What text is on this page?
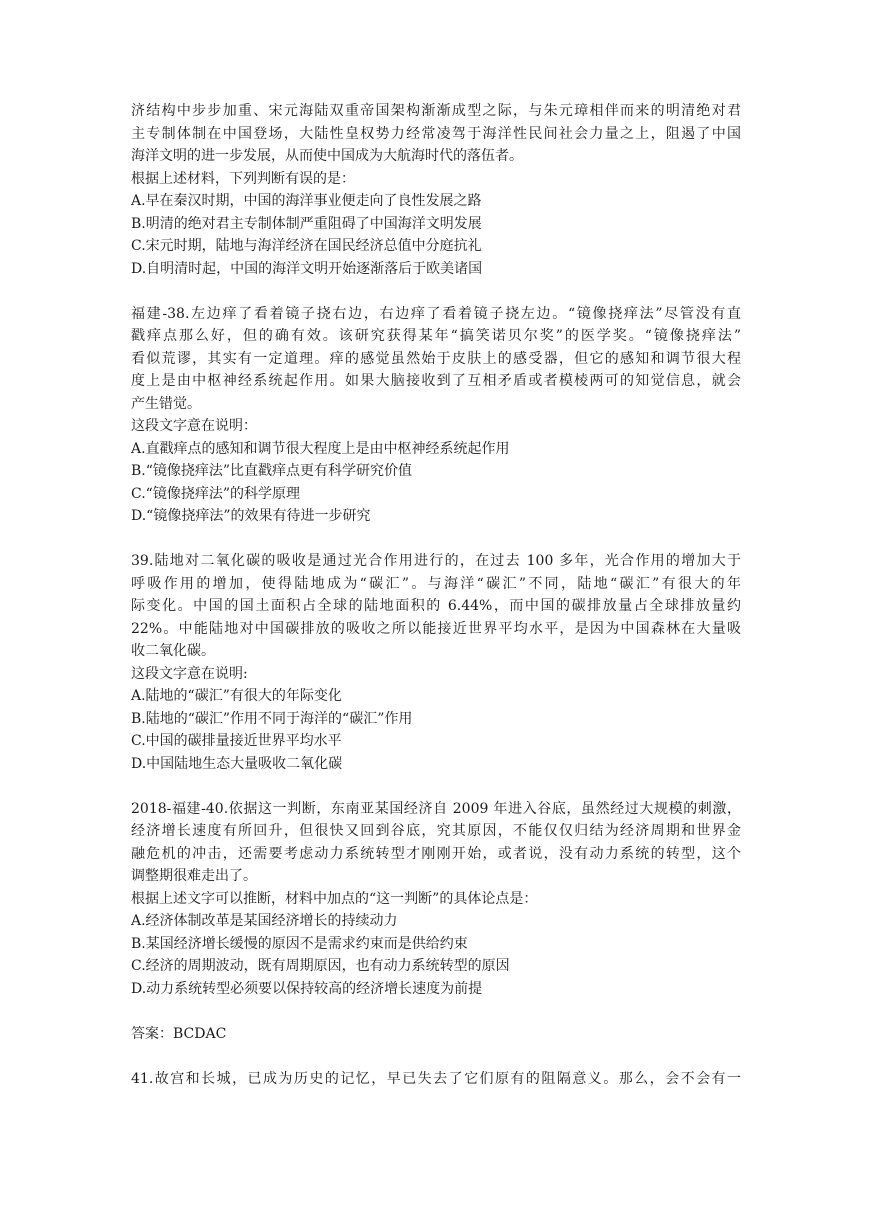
济结构中步步加重、宋元海陆双重帝国架构渐渐成型之际，与朱元璋相伴而来的明清绝对君
主专制体制在中国登场，大陆性皇权势力经常凌驾于海洋性民间社会力量之上，阻遏了中国
海洋文明的进一步发展，从而使中国成为大航海时代的落伍者。
根据上述材料，下列判断有误的是：
A.早在秦汉时期，中国的海洋事业便走向了良性发展之路
B.明清的绝对君主专制体制严重阻碍了中国海洋文明发展
C.宋元时期，陆地与海洋经济在国民经济总值中分庭抗礼
D.自明清时起，中国的海洋文明开始逐渐落后于欧美诸国
福建-38.左边痒了看着镜子挠右边，右边痒了看着镜子挠左边。“镜像挠痒法”尽管没有直
戳痒点那么好，但的确有效。该研究获得某年“搞笑诺贝尔奖”的医学奖。“镜像挠痒法”
看似荒谬，其实有一定道理。痒的感觉虽然始于皮肤上的感受器，但它的感知和调节很大程
度上是由中枢神经系统起作用。如果大脑接收到了互相矛盾或者模棱两可的知觉信息，就会
产生错觉。
这段文字意在说明：
A.直戳痒点的感知和调节很大程度上是由中枢神经系统起作用
B.“镜像挠痒法”比直戳痒点更有科学研究价值
C.“镜像挠痒法”的科学原理
D.“镜像挠痒法”的效果有待进一步研究
39.陆地对二氧化碳的吸收是通过光合作用进行的，在过去 100 多年，光合作用的增加大于
呼吸作用的增加，使得陆地成为“碳汇”。与海洋“碳汇”不同，陆地“碳汇”有很大的年
际变化。中国的国土面积占全球的陆地面积的 6.44%，而中国的碳排放量占全球排放量约
22%。中能陆地对中国碳排放的吸收之所以能接近世界平均水平，是因为中国森林在大量吸
收二氧化碳。
这段文字意在说明:
A.陆地的“碳汇”有很大的年际变化
B.陆地的“碳汇”作用不同于海洋的“碳汇”作用
C.中国的碳排量接近世界平均水平
D.中国陆地生态大量吸收二氧化碳
2018-福建-40.依据这一判断，东南亚某国经济自 2009 年进入谷底，虽然经过大规模的刺激，
经济增长速度有所回升，但很快又回到谷底，究其原因，不能仅仅归结为经济周期和世界金
融危机的冲击，还需要考虑动力系统转型才刚刚开始，或者说，没有动力系统的转型，这个
调整期很难走出了。
根据上述文字可以推断，材料中加点的“这一判断”的具体论点是：
A.经济体制改革是某国经济增长的持续动力
B.某国经济增长缓慢的原因不是需求约束而是供给约束
C.经济的周期波动，既有周期原因，也有动力系统转型的原因
D.动力系统转型必须要以保持较高的经济增长速度为前提
答案：BCDAC
41.故宫和长城，已成为历史的记忆，早已失去了它们原有的阻隔意义。那么，会不会有一
